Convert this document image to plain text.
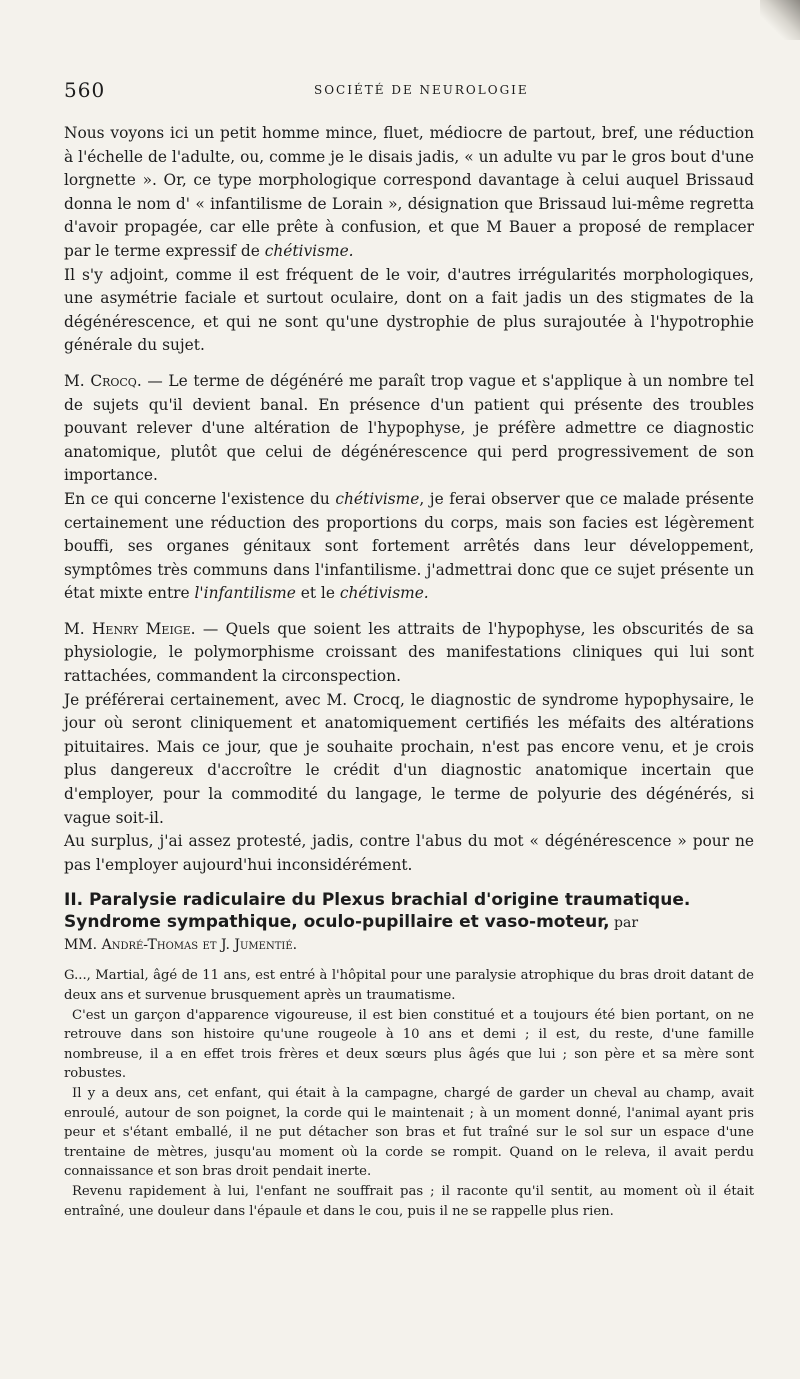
560	SOCIÉTÉ DE NEUROLOGIE

Nous voyons ici un petit homme mince, fluet, médiocre de partout, bref, une réduction à l'échelle de l'adulte, ou, comme je le disais jadis, « un adulte vu par le gros bout d'une lorgnette ». Or, ce type morphologique correspond davantage à celui auquel Brissaud donna le nom d' « infantilisme de Lorain », désignation que Brissaud lui-même regretta d'avoir propagée, car elle prête à confusion, et que M Bauer a proposé de remplacer par le terme expressif de chétivisme.

Il s'y adjoint, comme il est fréquent de le voir, d'autres irrégularités morphologiques, une asymétrie faciale et surtout oculaire, dont on a fait jadis un des stigmates de la dégénérescence, et qui ne sont qu'une dystrophie de plus surajoutée à l'hypotrophie générale du sujet.

M. Crocq. — Le terme de dégénéré me paraît trop vague et s'applique à un nombre tel de sujets qu'il devient banal. En présence d'un patient qui présente des troubles pouvant relever d'une altération de l'hypophyse, je préfère admettre ce diagnostic anatomique, plutôt que celui de dégénérescence qui perd progressivement de son importance.

En ce qui concerne l'existence du chétivisme, je ferai observer que ce malade présente certainement une réduction des proportions du corps, mais son facies est légèrement bouffi, ses organes génitaux sont fortement arrêtés dans leur développement, symptômes très communs dans l'infantilisme. j'admettrai donc que ce sujet présente un état mixte entre l'infantilisme et le chétivisme.

M. Henry Meige. — Quels que soient les attraits de l'hypophyse, les obscurités de sa physiologie, le polymorphisme croissant des manifestations cliniques qui lui sont rattachées, commandent la circonspection.

Je préférerai certainement, avec M. Crocq, le diagnostic de syndrome hypophysaire, le jour où seront cliniquement et anatomiquement certifiés les méfaits des altérations pituitaires. Mais ce jour, que je souhaite prochain, n'est pas encore venu, et je crois plus dangereux d'accroître le crédit d'un diagnostic anatomique incertain que d'employer, pour la commodité du langage, le terme de polyurie des dégénérés, si vague soit-il.

Au surplus, j'ai assez protesté, jadis, contre l'abus du mot « dégénérescence » pour ne pas l'employer aujourd'hui inconsidérément.

II. Paralysie radiculaire du Plexus brachial d'origine traumatique. Syndrome sympathique, oculo-pupillaire et vaso-moteur, par
MM. André-Thomas et J. Jumentié.

G..., Martial, âgé de 11 ans, est entré à l'hôpital pour une paralysie atrophique du bras droit datant de deux ans et survenue brusquement après un traumatisme.

C'est un garçon d'apparence vigoureuse, il est bien constitué et a toujours été bien portant, on ne retrouve dans son histoire qu'une rougeole à 10 ans et demi ; il est, du reste, d'une famille nombreuse, il a en effet trois frères et deux sœurs plus âgés que lui ; son père et sa mère sont robustes.

Il y a deux ans, cet enfant, qui était à la campagne, chargé de garder un cheval au champ, avait enroulé, autour de son poignet, la corde qui le maintenait ; à un moment donné, l'animal ayant pris peur et s'étant emballé, il ne put détacher son bras et fut traîné sur le sol sur un espace d'une trentaine de mètres, jusqu'au moment où la corde se rompit. Quand on le releva, il avait perdu connaissance et son bras droit pendait inerte.

Revenu rapidement à lui, l'enfant ne souffrait pas ; il raconte qu'il sentit, au moment où il était entraîné, une douleur dans l'épaule et dans le cou, puis il ne se rappelle plus rien.
